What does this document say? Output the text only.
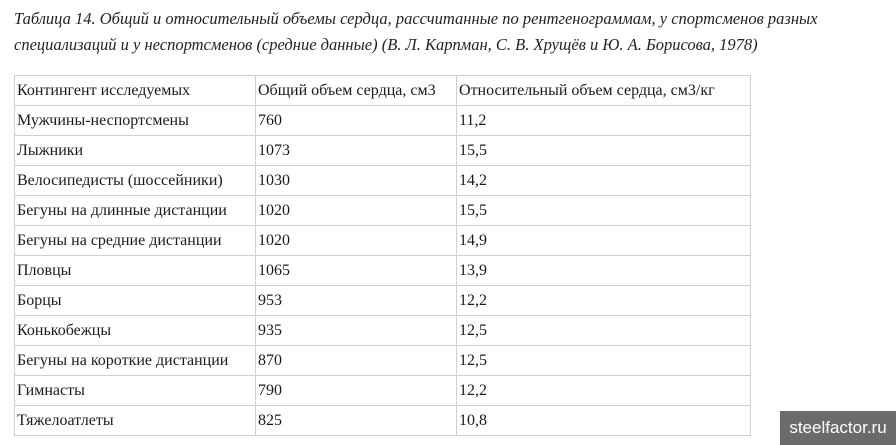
Таблица 14. Общий и относительный объемы сердца, рассчитанные по рентгенограммам, у спортсменов разных специализаций и у неспортсменов (средние данные) (В. Л. Карпман, С. В. Хрущёв и Ю. А. Борисова, 1978)

Контингент исследуемых	Общий объем сердца, см3	Относительный объем сердца, см3/кг
Мужчины-неспортсмены	760	11,2
Лыжники	1073	15,5
Велосипедисты (шоссейники)	1030	14,2
Бегуны на длинные дистанции	1020	15,5
Бегуны на средние дистанции	1020	14,9
Пловцы	1065	13,9
Борцы	953	12,2
Конькобежцы	935	12,5
Бегуны на короткие дистанции	870	12,5
Гимнасты	790	12,2
Тяжелоатлеты	825	10,8	steelfactor.ru
